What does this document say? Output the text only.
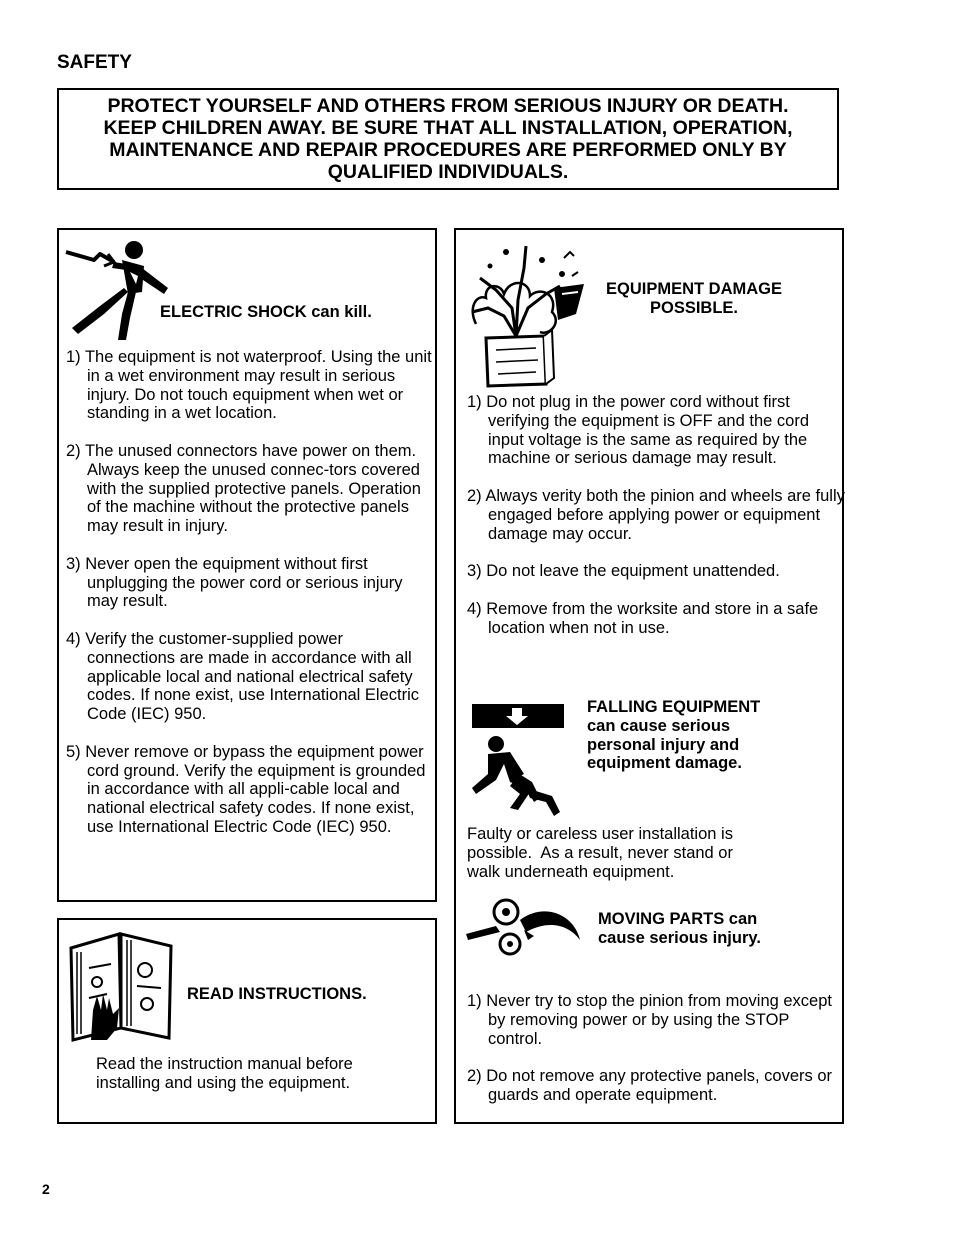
SAFETY
PROTECT YOURSELF AND OTHERS FROM SERIOUS INJURY OR DEATH.
KEEP CHILDREN AWAY. BE SURE THAT ALL INSTALLATION, OPERATION,
MAINTENANCE AND REPAIR PROCEDURES ARE PERFORMED ONLY BY
QUALIFIED INDIVIDUALS.
ELECTRIC SHOCK can kill.
1) The equipment is not waterproof. Using the unit in a wet environment may result in serious injury. Do not touch equipment when wet or standing in a wet location.
2) The unused connectors have power on them. Always keep the unused connec-tors covered with the supplied protective panels. Operation of the machine without the protective panels may result in injury.
3) Never open the equipment without first unplugging the power cord or serious injury may result.
4) Verify the customer-supplied power connections are made in accordance with all applicable local and national electrical safety codes. If none exist, use International Electric Code (IEC) 950.
5) Never remove or bypass the equipment power cord ground. Verify the equipment is grounded in accordance with all appli-cable local and national electrical safety codes. If none exist, use International Electric Code (IEC) 950.
READ INSTRUCTIONS.
Read the instruction manual before
installing and using the equipment.
EQUIPMENT DAMAGE
POSSIBLE.
1) Do not plug in the power cord without first verifying the equipment is OFF and the cord input voltage is the same as required by the machine or serious damage may result.
2) Always verity both the pinion and wheels are fully engaged before applying power or equipment damage may occur.
3) Do not leave the equipment unattended.
4) Remove from the worksite and store in a safe location when not in use.
FALLING EQUIPMENT
can cause serious
personal injury and
equipment damage.
Faulty or careless user installation is
possible.  As a result, never stand or
walk underneath equipment.
MOVING PARTS can
cause serious injury.
1) Never try to stop the pinion from moving except by removing power or by using the STOP control.
2) Do not remove any protective panels, covers or guards and operate equipment.
2
